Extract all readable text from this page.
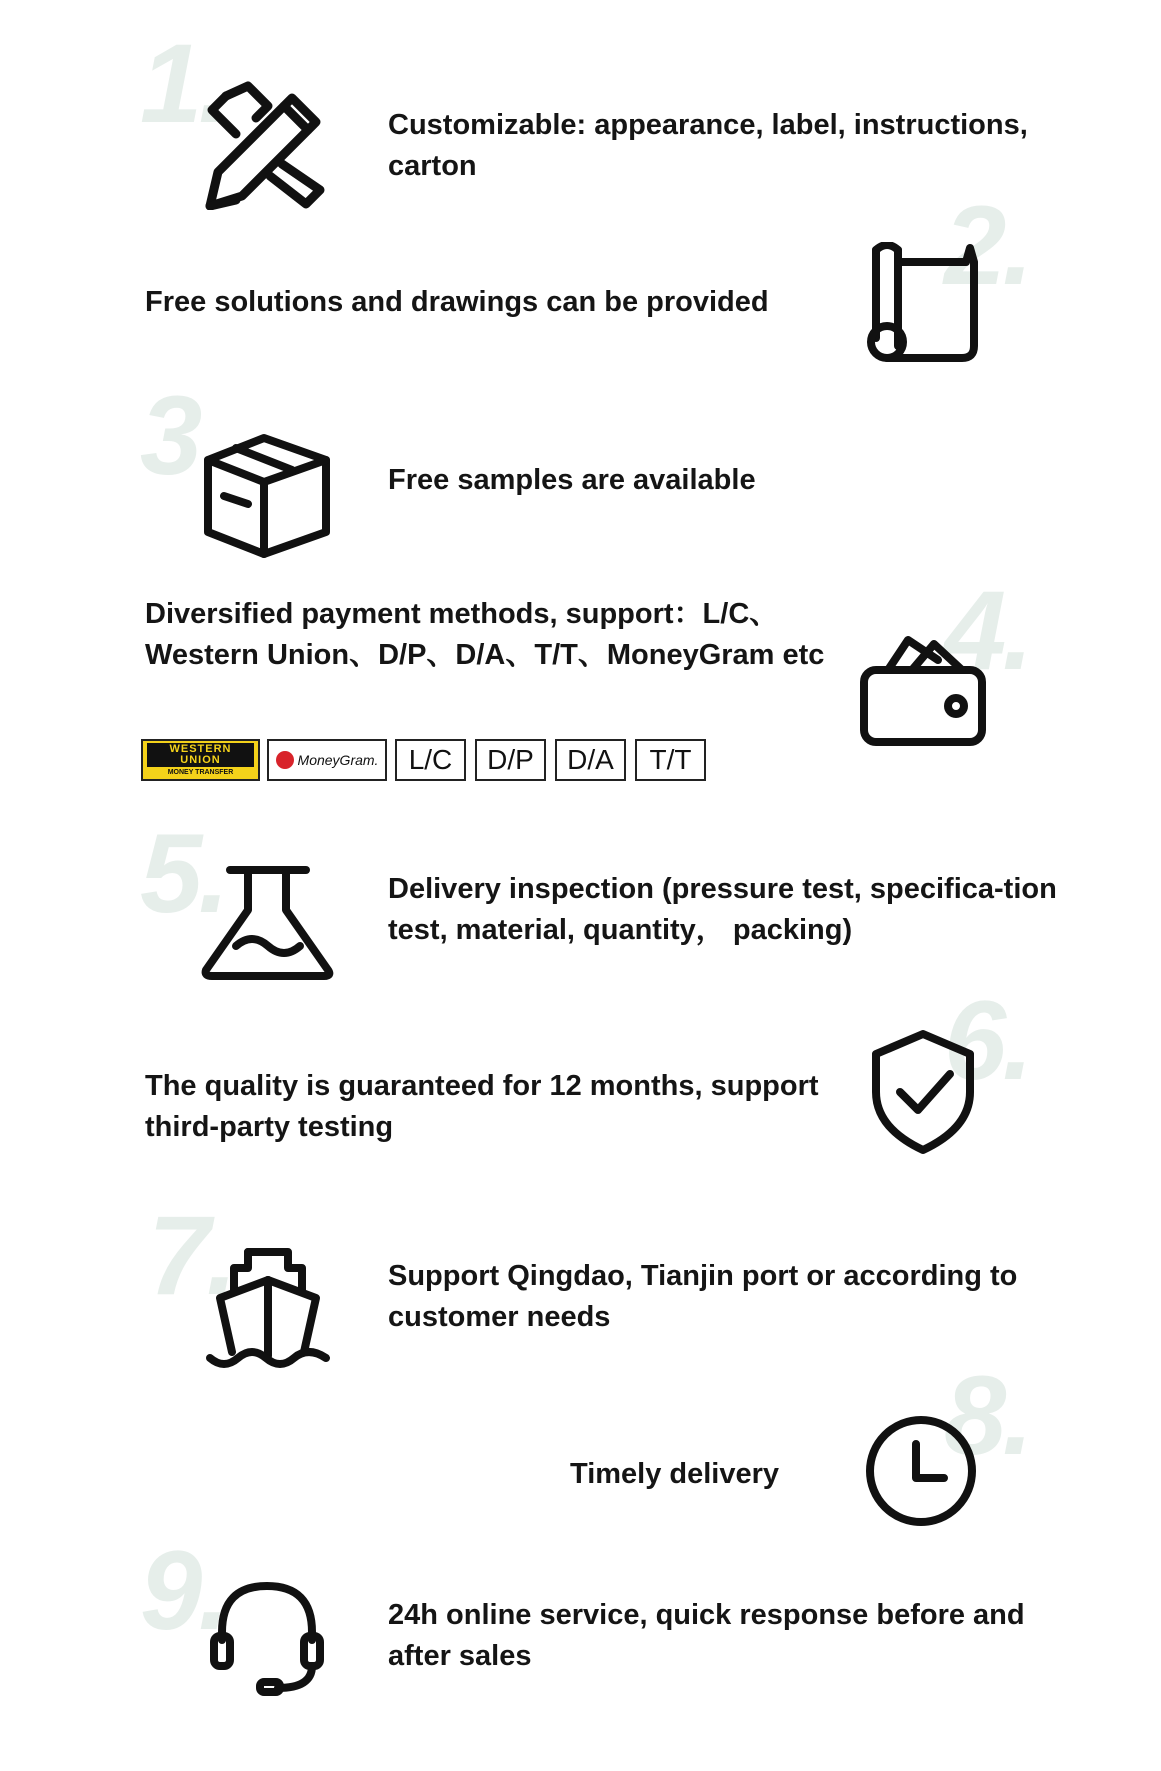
1.	Customizable: appearance, label, instructions, carton
2.
Free solutions and drawings can be provided
3	Free samples are available
4.
Diversified payment methods, support：L/C、Western Union、D/P、D/A、T/T、MoneyGram etc
WESTERN UNION
MONEY TRANSFER
MoneyGram.	L/C	D/P	D/A	T/T
5.	Delivery inspection (pressure test, specifica-tion test, material, quantity， packing)
6.
The quality is guaranteed for 12 months, support third-party testing
7.	Support Qingdao, Tianjin port or according to customer needs
8.
Timely delivery
9.	24h online service, quick response before and after sales
